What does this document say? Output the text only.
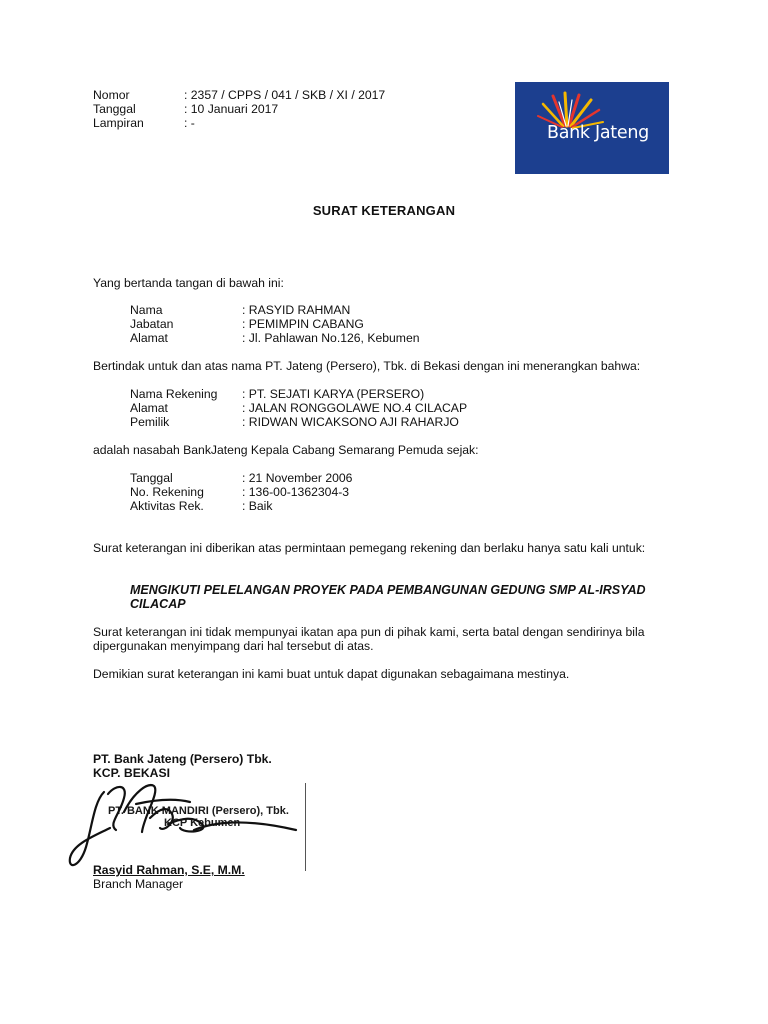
Nomor	: 2357 / CPPS / 041 / SKB / XI / 2017
Tanggal	: 10 Januari 2017
Lampiran	: -	Bank Jateng
SURAT KETERANGAN
Yang bertanda tangan di bawah ini:
Nama	: RASYID RAHMAN
Jabatan	: PEMIMPIN CABANG
Alamat	: Jl. Pahlawan No.126, Kebumen
Bertindak untuk dan atas nama PT. Jateng (Persero), Tbk. di Bekasi dengan ini menerangkan bahwa:
Nama Rekening : PT. SEJATI KARYA (PERSERO)
Alamat	: JALAN RONGGOLAWE NO.4 CILACAP
Pemilik	: RIDWAN WICAKSONO AJI RAHARJO
adalah nasabah BankJateng Kepala Cabang Semarang Pemuda sejak:
Tanggal	: 21 November 2006
No. Rekening	: 136-00-1362304-3
Aktivitas Rek.	: Baik
Surat keterangan ini diberikan atas permintaan pemegang rekening dan berlaku hanya satu kali untuk:
MENGIKUTI PELELANGAN PROYEK PADA PEMBANGUNAN GEDUNG SMP AL-IRSYAD CILACAP
Surat keterangan ini tidak mempunyai ikatan apa pun di pihak kami, serta batal dengan sendirinya bila dipergunakan menyimpang dari hal tersebut di atas.
Demikian surat keterangan ini kami buat untuk dapat digunakan sebagaimana mestinya.
PT. Bank Jateng (Persero) Tbk.
KCP. BEKASI
PT. BANK MANDIRI (Persero), Tbk.
KCP Kebumen
Rasyid Rahman, S.E, M.M.
Branch Manager
